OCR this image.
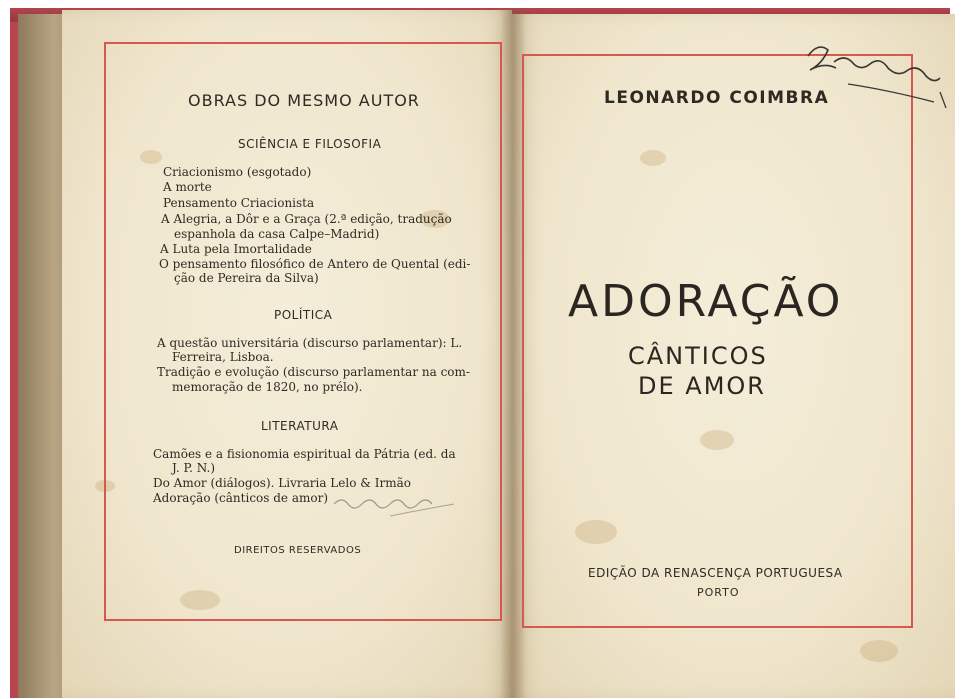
OBRAS DO MESMO AUTOR
SCIÊNCIA E FILOSOFIA
Criacionismo (esgotado)
A morte
Pensamento Criacionista
A Alegria, a Dôr e a Graça (2.ª edição, tradução
espanhola da casa Calpe–Madrid)
A Luta pela Imortalidade
O pensamento filosófico de Antero de Quental (edi-
ção de Pereira da Silva)
POLÍTICA
A questão universitária (discurso parlamentar): L.
Ferreira, Lisboa.
Tradição e evolução (discurso parlamentar na com-
memoração de 1820, no prélo).
LITERATURA
Camões e a fisionomia espiritual da Pátria (ed. da
J. P. N.)
Do Amor (diálogos). Livraria Lelo & Irmão
Adoração (cânticos de amor)
DIREITOS RESERVADOS
LEONARDO COIMBRA
ADORAÇÃO
CÂNTICOS
DE AMOR
EDIÇÃO DA RENASCENÇA PORTUGUESA
PORTO
